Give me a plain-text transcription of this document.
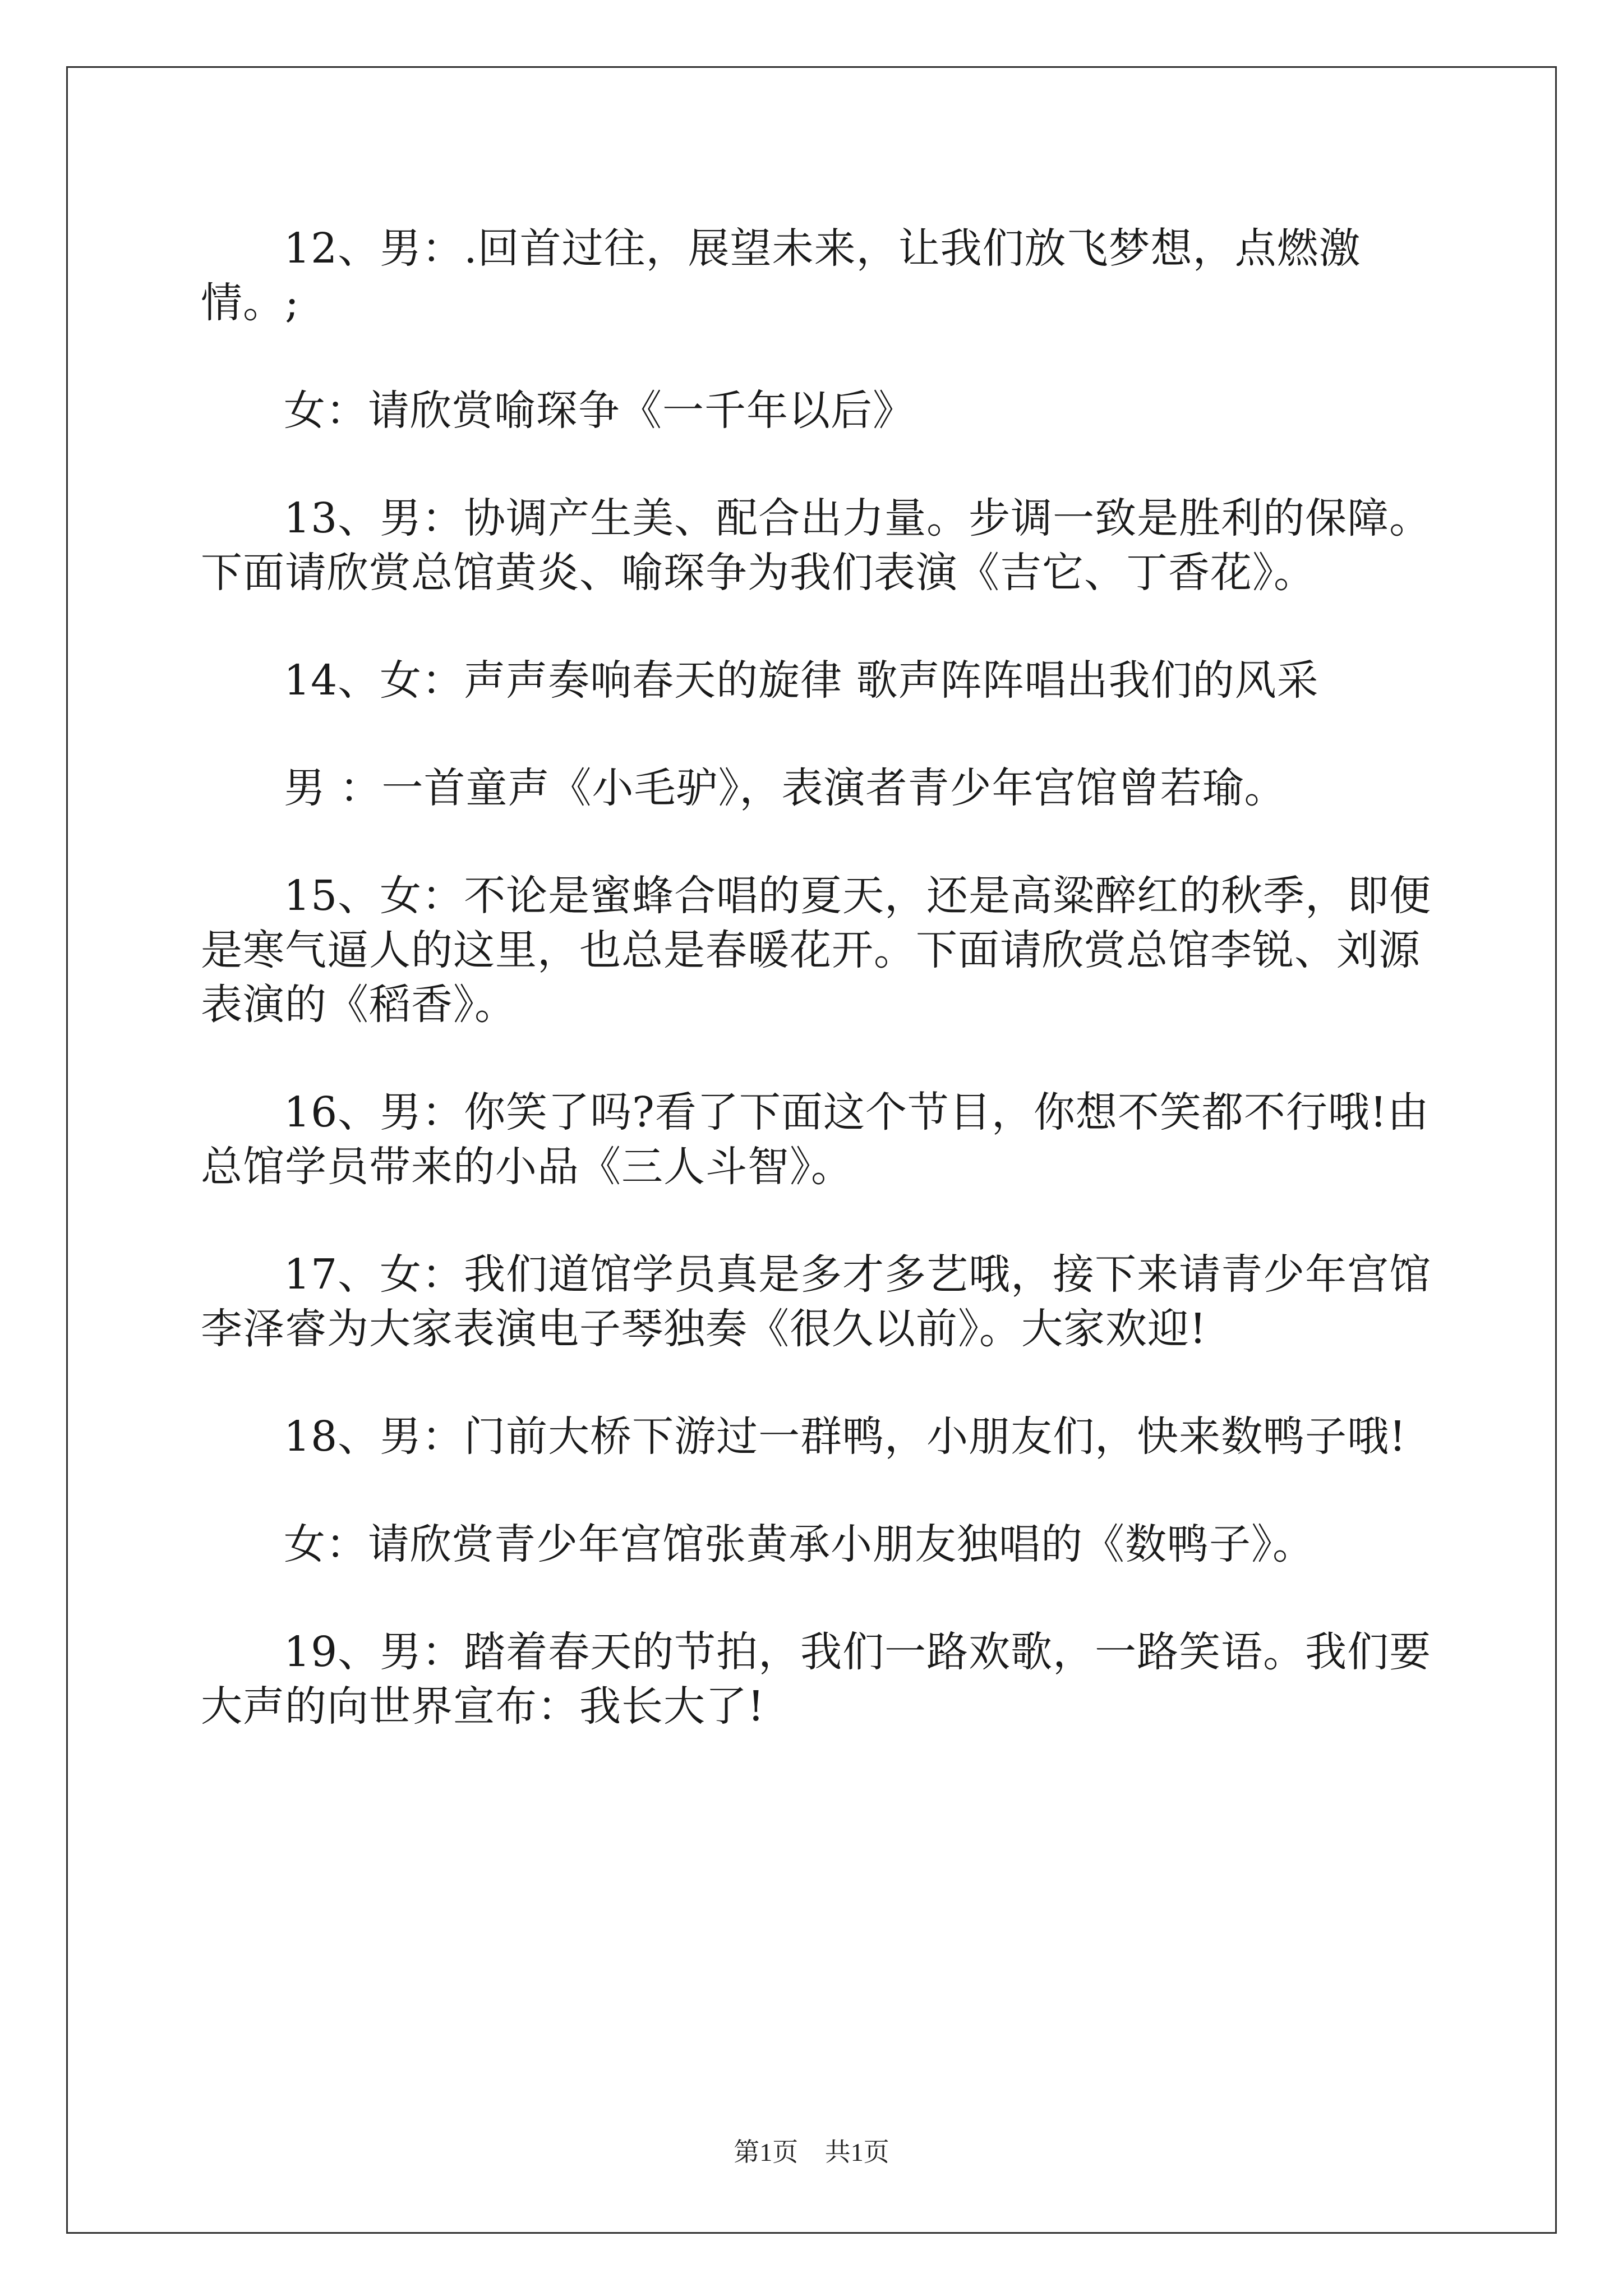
12、男：.回首过往，展望未来，让我们放飞梦想，点燃激情。;

女：请欣赏喻琛争《一千年以后》

13、男：协调产生美、配合出力量。步调一致是胜利的保障。下面请欣赏总馆黄炎、喻琛争为我们表演《吉它、丁香花》。

14、女：声声奏响春天的旋律 歌声阵阵唱出我们的风采

男 ：一首童声《小毛驴》，表演者青少年宫馆曾若瑜。

15、女：不论是蜜蜂合唱的夏天，还是高粱醉红的秋季，即便是寒气逼人的这里，也总是春暖花开。下面请欣赏总馆李锐、刘源表演的《稻香》。

16、男：你笑了吗?看了下面这个节目，你想不笑都不行哦!由总馆学员带来的小品《三人斗智》。

17、女：我们道馆学员真是多才多艺哦，接下来请青少年宫馆李泽睿为大家表演电子琴独奏《很久以前》。大家欢迎!

18、男：门前大桥下游过一群鸭，小朋友们，快来数鸭子哦!

女：请欣赏青少年宫馆张黄承小朋友独唱的《数鸭子》。

19、男：踏着春天的节拍，我们一路欢歌，一路笑语。我们要大声的向世界宣布：我长大了!

第1页 共1页
